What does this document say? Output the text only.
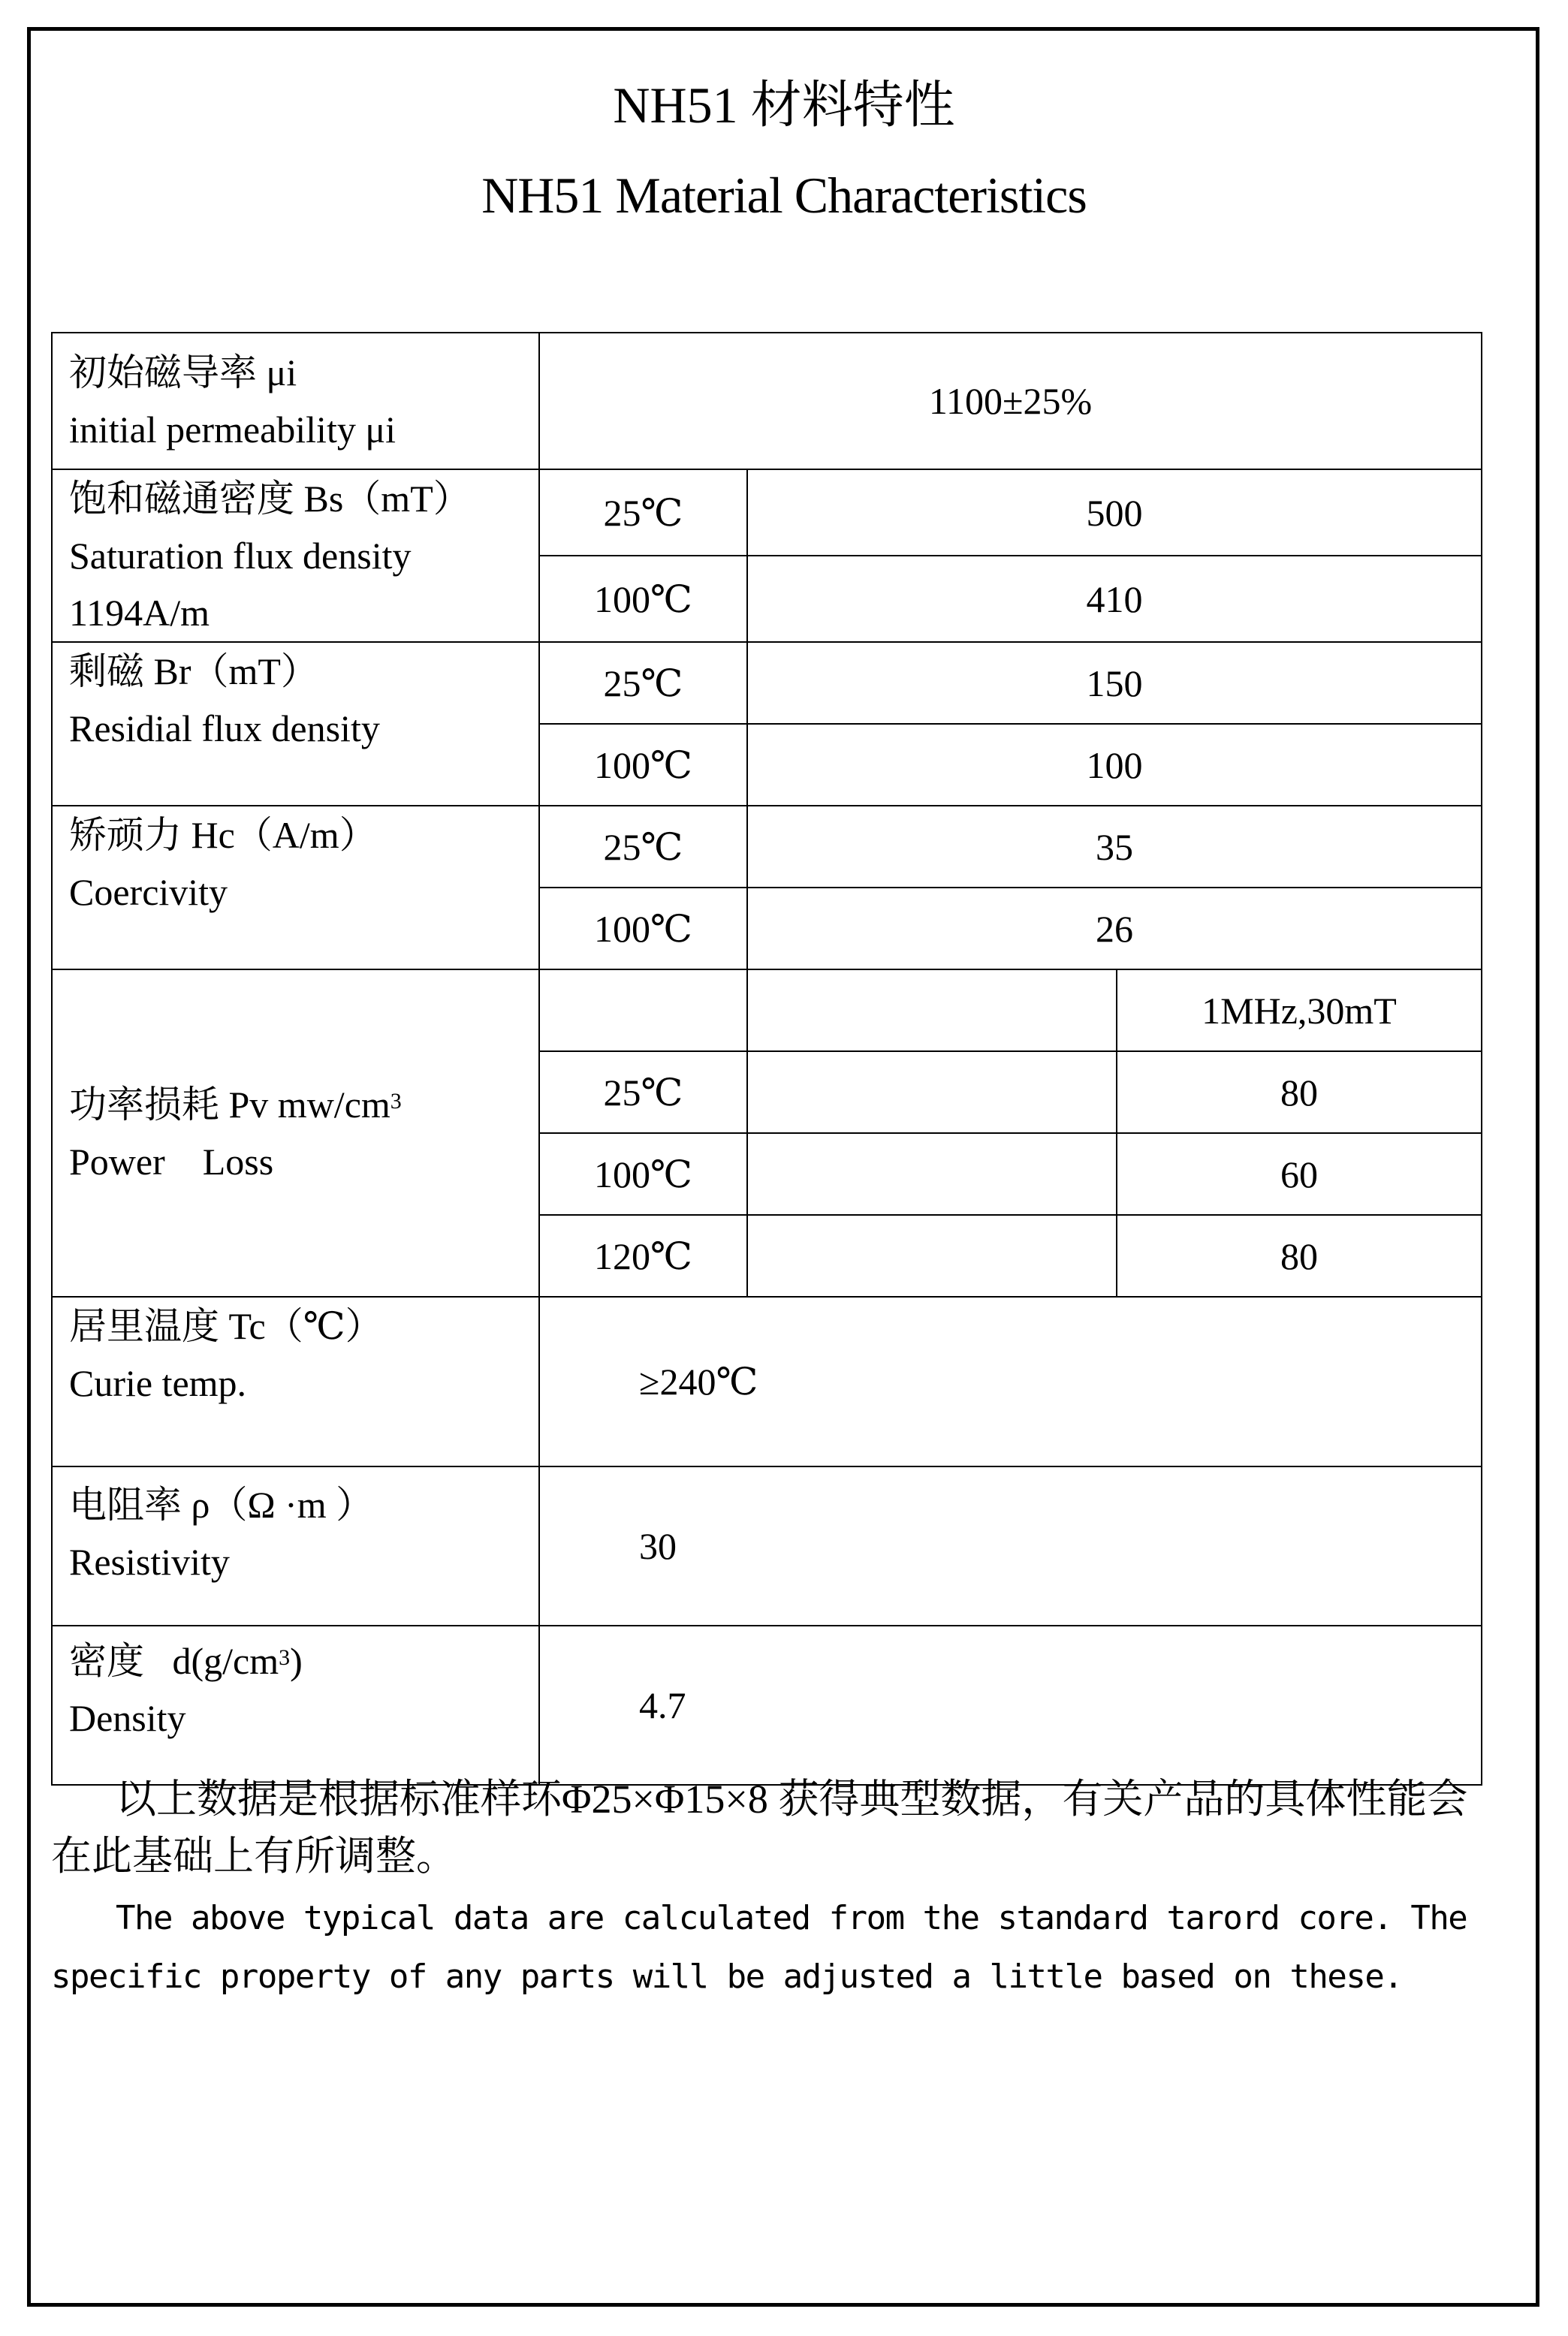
NH51 材料特性
NH51 Material Characteristics
初始磁导率 μi
initial permeability μi	1100±25%		

饱和磁通密度 Bs（mT）
Saturation flux density
1194A/m	25℃	500	
	100℃	410	

剩磁 Br（mT）
Residial flux density	25℃	150	
	100℃	100	

矫顽力 Hc（A/m）
Coercivity	25℃	35	
	100℃	26	

功率损耗 Pv $mw/cm^3$
Power    Loss			1MHz,30mT
	25℃		80
	100℃		60
	120℃		80

居里温度 Tc（℃）
Curie temp.	≥240℃		

电阻率 ρ（Ω ·m ）
Resistivity	30		

密度   $d(g/cm^3)$
Density	4.7		
以上数据是根据标准样环Φ25×Φ15×8 获得典型数据，有关产品的具体性能会在此基础上有所调整。
The above typical data are calculated from the standard tarord core. The specific property of any parts will be adjusted a little based on these.
